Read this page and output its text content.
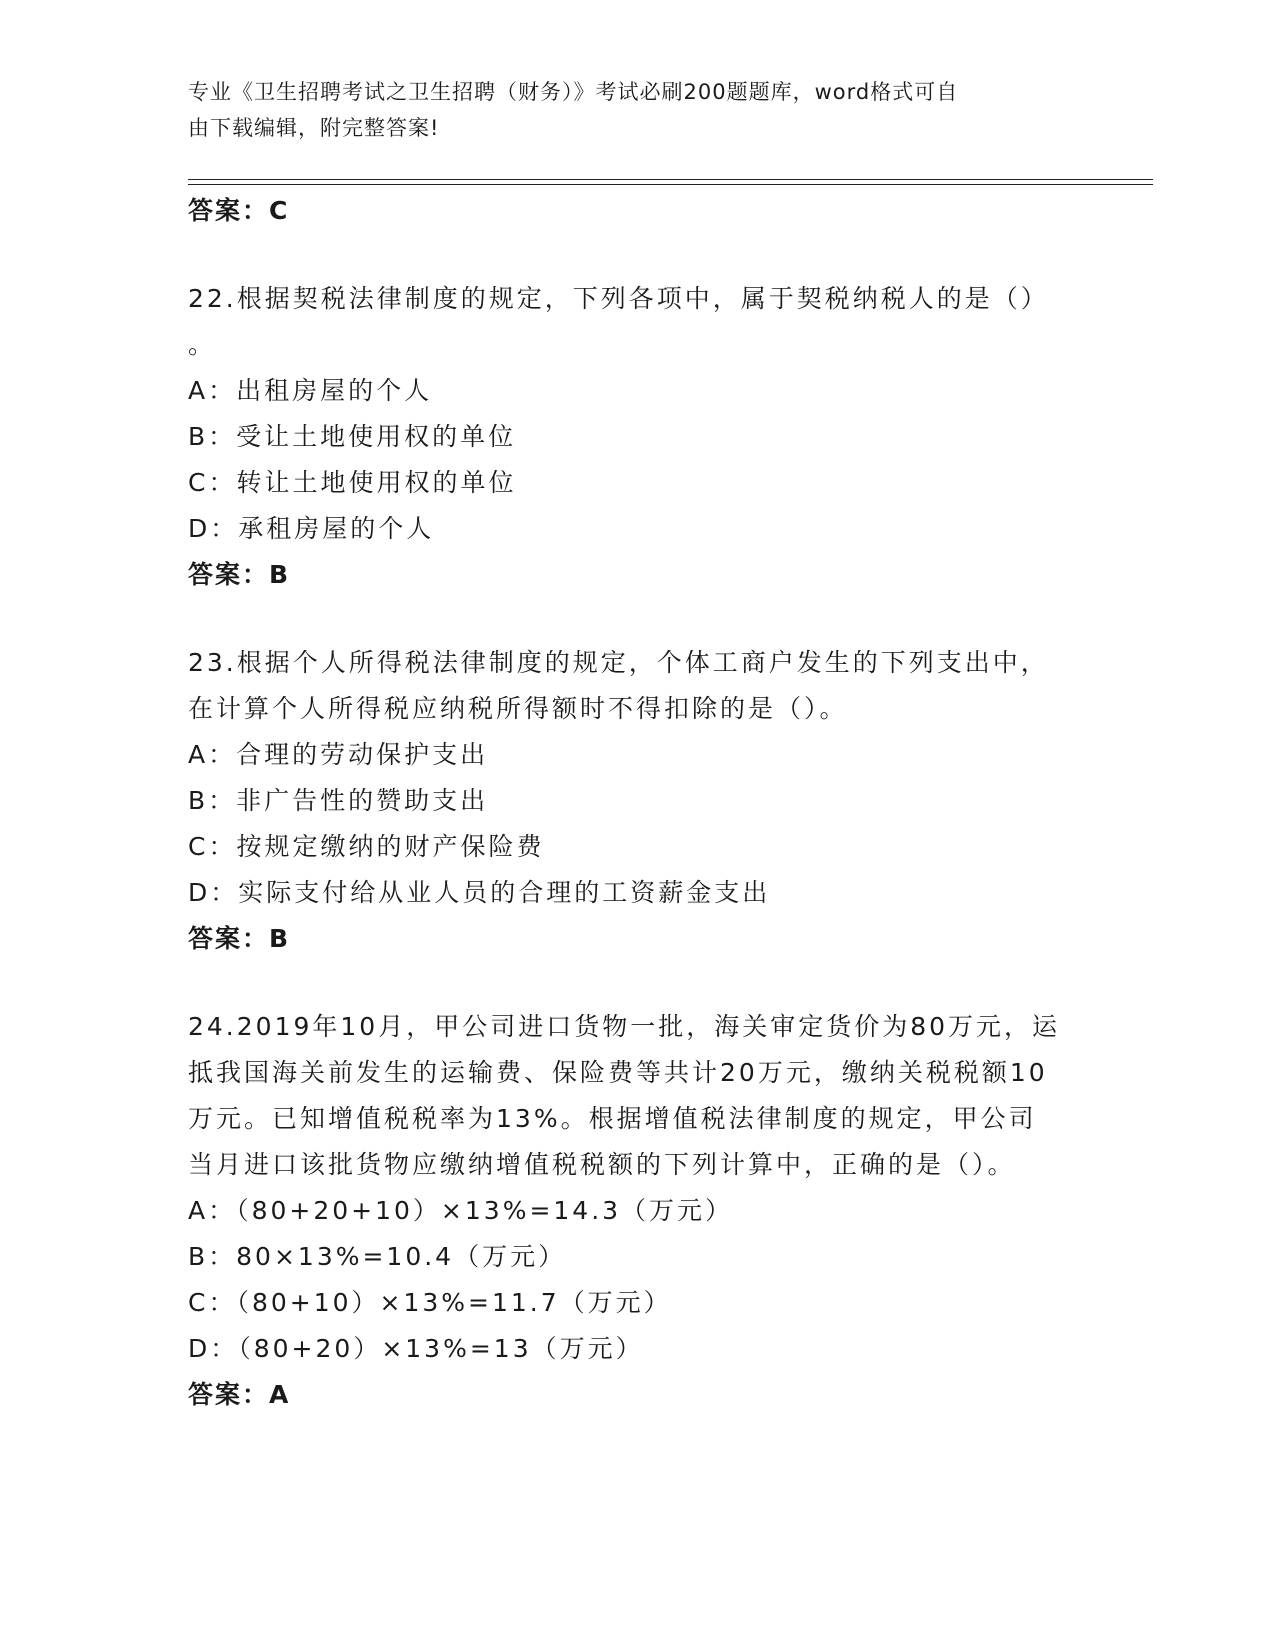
专业《卫生招聘考试之卫生招聘（财务）》考试必刷200题题库，word格式可自
由下载编辑，附完整答案!
答案：C
22.根据契税法律制度的规定，下列各项中，属于契税纳税人的是（）
。
A：出租房屋的个人
B：受让土地使用权的单位
C：转让土地使用权的单位
D：承租房屋的个人
答案：B
23.根据个人所得税法律制度的规定，个体工商户发生的下列支出中，
在计算个人所得税应纳税所得额时不得扣除的是（）。
A：合理的劳动保护支出
B：非广告性的赞助支出
C：按规定缴纳的财产保险费
D：实际支付给从业人员的合理的工资薪金支出
答案：B
24.2019年10月，甲公司进口货物一批，海关审定货价为80万元，运
抵我国海关前发生的运输费、保险费等共计20万元，缴纳关税税额10
万元。已知增值税税率为13%。根据增值税法律制度的规定，甲公司
当月进口该批货物应缴纳增值税税额的下列计算中，正确的是（）。
A：（80+20+10）×13%=14.3（万元）
B：80×13%=10.4（万元）
C：（80+10）×13%=11.7（万元）
D：（80+20）×13%=13（万元）
答案：A
